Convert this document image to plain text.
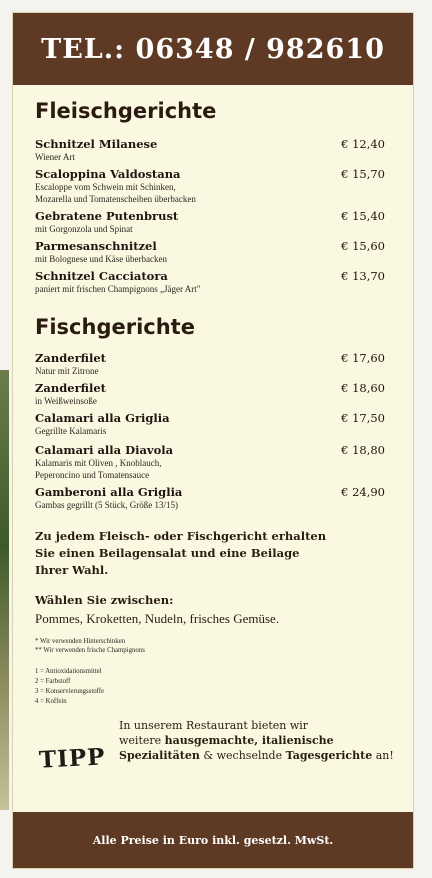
TEL.: 06348 / 982610
Fleischgerichte
Schnitzel Milanese
Wiener Art
€ 12,40
Scaloppina Valdostana
Escaloppe vom Schwein mit Schinken,
Mozarella und Tomatenscheiben überbacken
€ 15,70
Gebratene Putenbrust
mit Gorgonzola und Spinat
€ 15,40
Parmesanschnitzel
mit Bolognese und Käse überbacken
€ 15,60
Schnitzel Cacciatora
paniert mit frischen Champignons „Jäger Art"
€ 13,70
Fischgerichte
Zanderfilet
Natur mit Zitrone
€ 17,60
Zanderfilet
in Weißweinsoße
€ 18,60
Calamari alla Griglia
Gegrillte Kalamaris
€ 17,50
Calamari alla Diavola
Kalamaris mit Oliven , Knoblauch,
Peperoncino und Tomatensauce
€ 18,80
Gamberoni alla Griglia
Gambas gegrillt (5 Stück, Größe 13/15)
€ 24,90
Zu jedem Fleisch- oder Fischgericht erhalten
Sie einen Beilagensalat und eine Beilage
Ihrer Wahl.
Wählen Sie zwischen:
Pommes, Kroketten, Nudeln, frisches Gemüse.
* Wir verwenden Hinterschinken
** Wir verwenden frische Champignons
1 = Antioxidationsmittel
2 = Farbstoff
3 = Konservierungsstoffe
4 = Koffein
TIPP
In unserem Restaurant bieten wir
weitere hausgemachte, italienische
Spezialitäten & wechselnde Tagesgerichte an!
Alle Preise in Euro inkl. gesetzl. MwSt.
